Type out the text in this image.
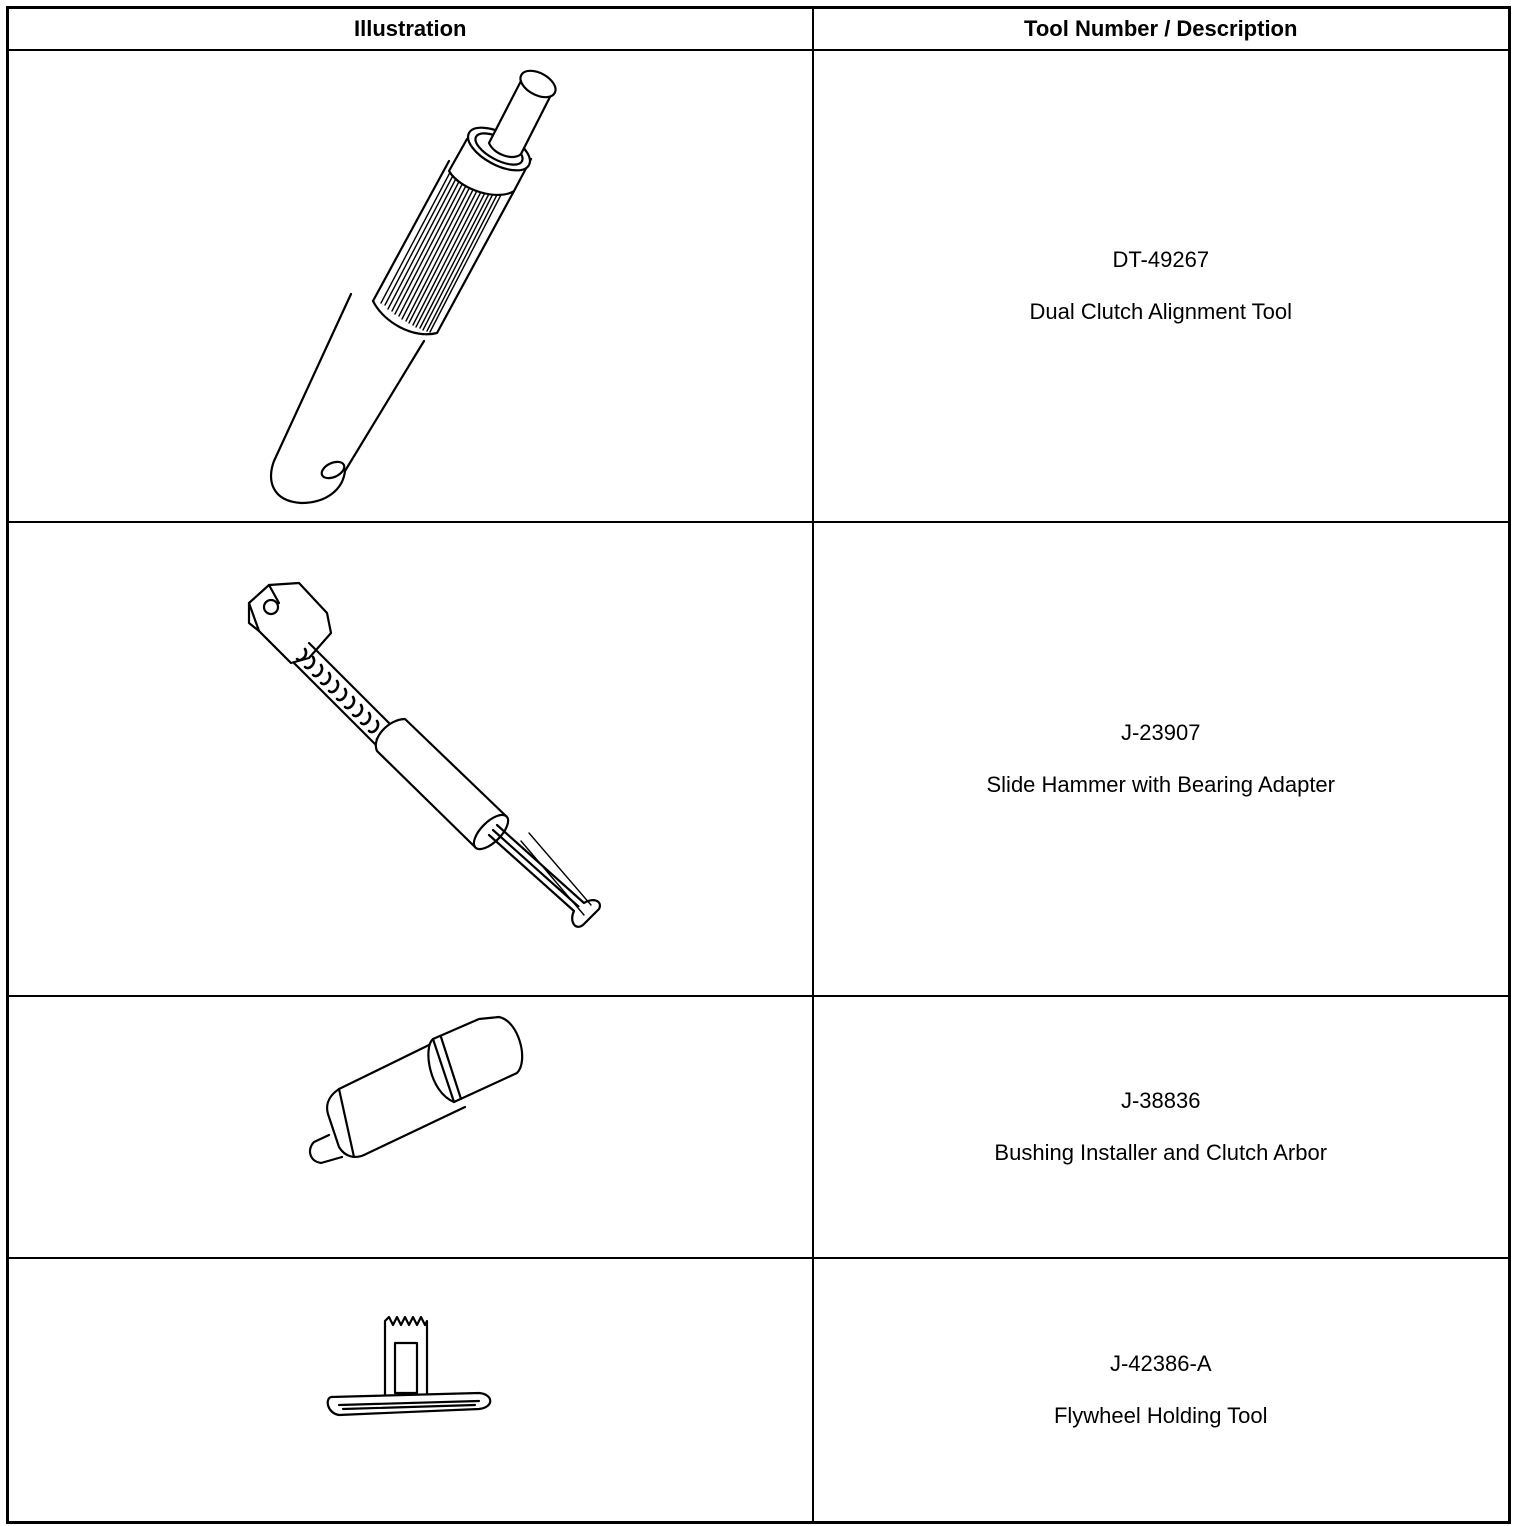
Illustration	Tool Number / Description

DT-49267
Dual Clutch Alignment Tool

J-23907
Slide Hammer with Bearing Adapter

J-38836
Bushing Installer and Clutch Arbor

J-42386-A
Flywheel Holding Tool
